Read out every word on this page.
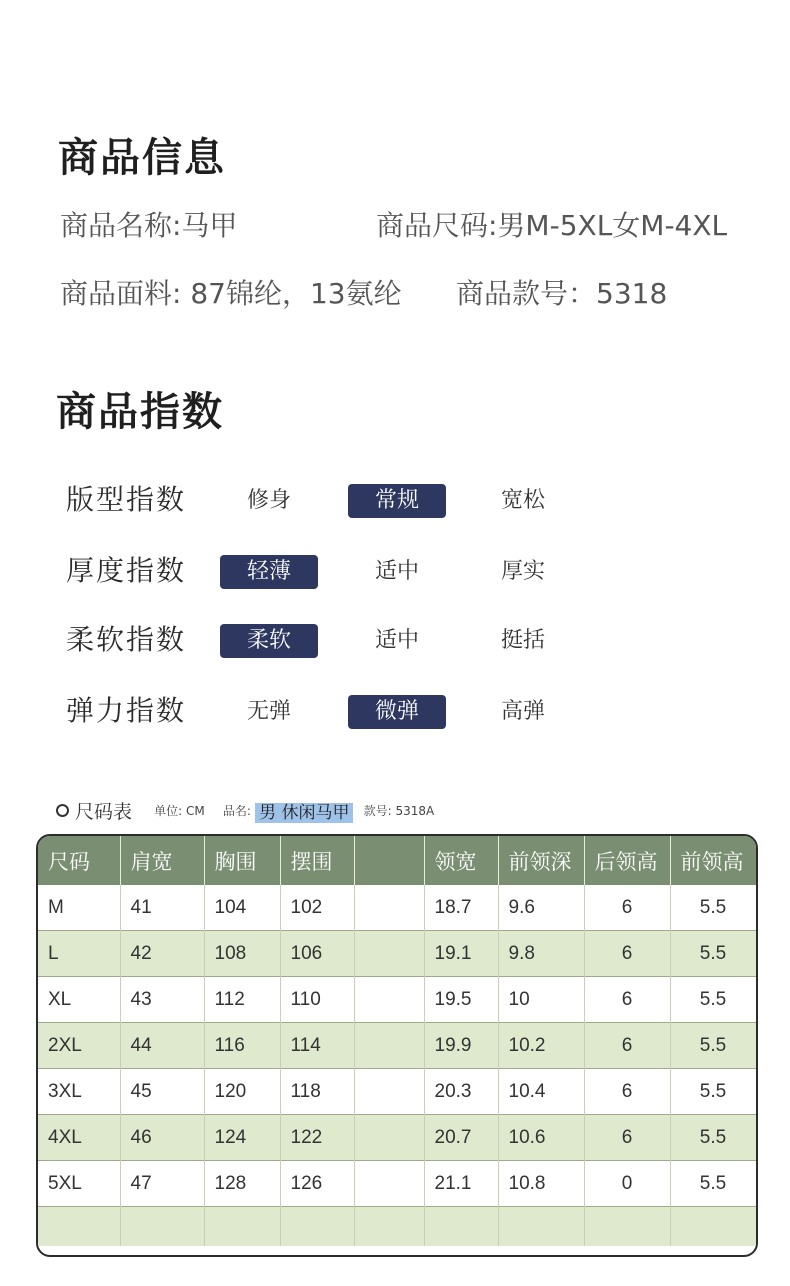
商品信息
商品名称:马甲	商品尺码:男M-5XL女M-4XL
商品面料: 87锦纶，13氨纶 商品款号：5318
商品指数
版型指数	修身	常规	宽松
厚度指数	轻薄	适中	厚实
柔软指数	柔软	适中	挺括
弹力指数	无弹	微弹	高弹
尺码表 单位: CM 品名: 男 休闲马甲 款号: 5318A
尺码	肩宽	胸围	摆围		领宽	前领深	后领高	前领高
M	41	104	102		18.7	9.6	6	5.5
L	42	108	106		19.1	9.8	6	5.5
XL	43	112	110		19.5	10	6	5.5
2XL	44	116	114		19.9	10.2	6	5.5
3XL	45	120	118		20.3	10.4	6	5.5
4XL	46	124	122		20.7	10.6	6	5.5
5XL	47	128	126		21.1	10.8	0	5.5
